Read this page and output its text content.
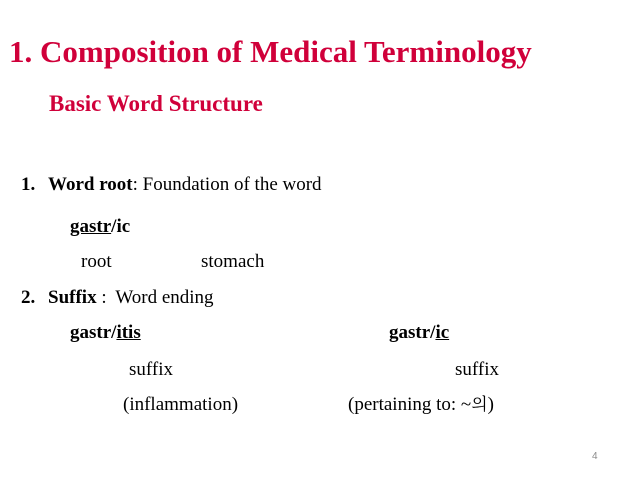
1. Composition of Medical Terminology
Basic Word Structure
1. Word root: Foundation of the word
gastr/ic
root	stomach
2. Suffix : Word ending
gastr/itis	gastr/ic
suffix	suffix
(inflammation)	(pertaining to: ~의)
4
